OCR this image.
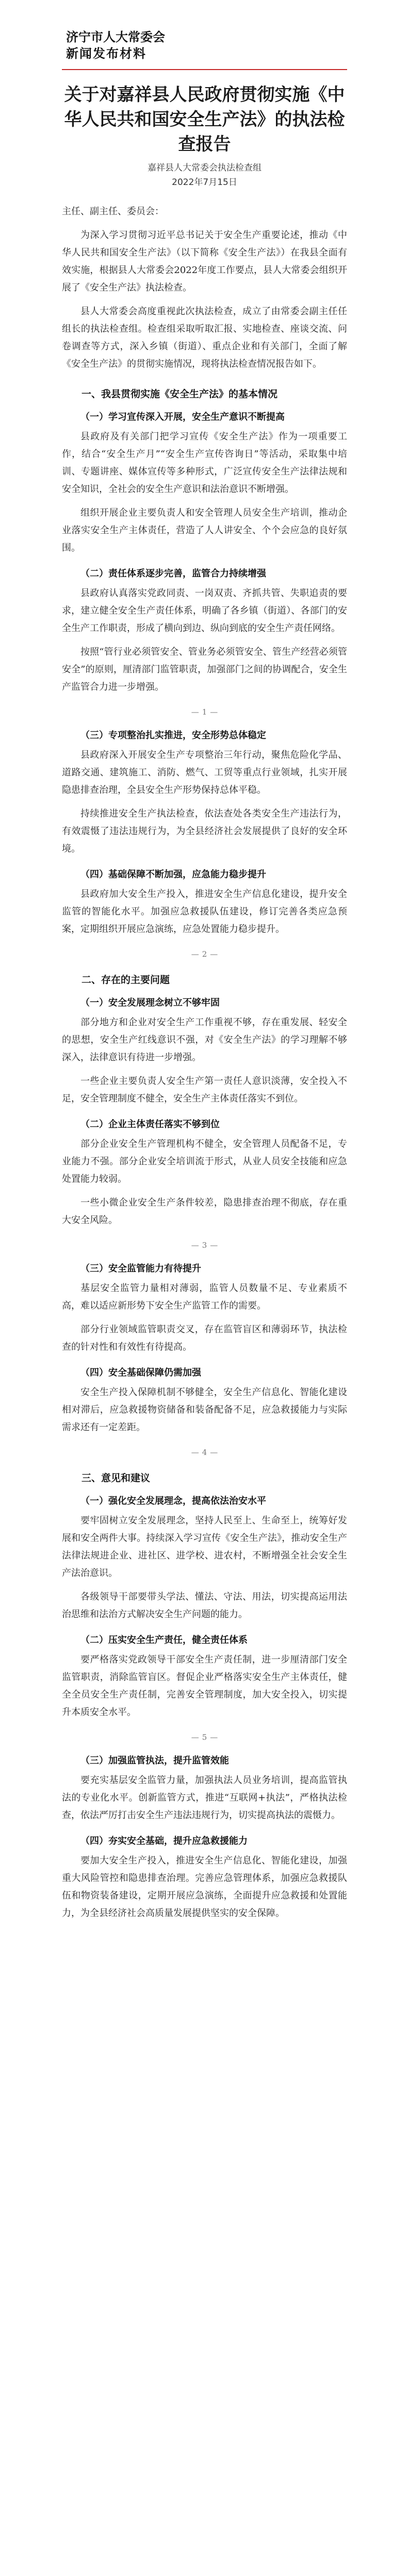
济宁市人大常委会
新闻发布材料
关于对嘉祥县人民政府贯彻实施《中华人民共和国安全生产法》的执法检查报告
嘉祥县人大常委会执法检查组
2022年7月15日

主任、副主任、委员会：

为深入学习贯彻习近平总书记关于安全生产重要论述，推动《中华人民共和国安全生产法》（以下简称《安全生产法》）在我县全面有效实施，根据县人大常委会2022年度工作要点，县人大常委会组织开展了《安全生产法》执法检查。

县人大常委会高度重视此次执法检查，成立了由常委会副主任任组长的执法检查组。检查组采取听取汇报、实地检查、座谈交流、问卷调查等方式，深入乡镇（街道）、重点企业和有关部门，全面了解《安全生产法》的贯彻实施情况，现将执法检查情况报告如下。

一、我县贯彻实施《安全生产法》的基本情况
（一）学习宣传深入开展，安全生产意识不断提高

县政府及有关部门把学习宣传《安全生产法》作为一项重要工作，结合“安全生产月”“安全生产宣传咨询日”等活动，采取集中培训、专题讲座、媒体宣传等多种形式，广泛宣传安全生产法律法规和安全知识，全社会的安全生产意识和法治意识不断增强。

组织开展企业主要负责人和安全管理人员安全生产培训，推动企业落实安全生产主体责任，营造了人人讲安全、个个会应急的良好氛围。

（二）责任体系逐步完善，监管合力持续增强

县政府认真落实党政同责、一岗双责、齐抓共管、失职追责的要求，建立健全安全生产责任体系，明确了各乡镇（街道）、各部门的安全生产工作职责，形成了横向到边、纵向到底的安全生产责任网络。

按照“管行业必须管安全、管业务必须管安全、管生产经营必须管安全”的原则，厘清部门监管职责，加强部门之间的协调配合，安全生产监管合力进一步增强。

— 1 —
（三）专项整治扎实推进，安全形势总体稳定

县政府深入开展安全生产专项整治三年行动，聚焦危险化学品、道路交通、建筑施工、消防、燃气、工贸等重点行业领域，扎实开展隐患排查治理，全县安全生产形势保持总体平稳。

持续推进安全生产执法检查，依法查处各类安全生产违法行为，有效震慑了违法违规行为，为全县经济社会发展提供了良好的安全环境。

（四）基础保障不断加强，应急能力稳步提升

县政府加大安全生产投入，推进安全生产信息化建设，提升安全监管的智能化水平。加强应急救援队伍建设，修订完善各类应急预案，定期组织开展应急演练，应急处置能力稳步提升。

— 2 —
二、存在的主要问题
（一）安全发展理念树立不够牢固

部分地方和企业对安全生产工作重视不够，存在重发展、轻安全的思想，安全生产红线意识不强，对《安全生产法》的学习理解不够深入，法律意识有待进一步增强。

一些企业主要负责人安全生产第一责任人意识淡薄，安全投入不足，安全管理制度不健全，安全生产主体责任落实不到位。

（二）企业主体责任落实不够到位

部分企业安全生产管理机构不健全，安全管理人员配备不足，专业能力不强。部分企业安全培训流于形式，从业人员安全技能和应急处置能力较弱。

一些小微企业安全生产条件较差，隐患排查治理不彻底，存在重大安全风险。

— 3 —
（三）安全监管能力有待提升

基层安全监管力量相对薄弱，监管人员数量不足、专业素质不高，难以适应新形势下安全生产监管工作的需要。

部分行业领域监管职责交叉，存在监管盲区和薄弱环节，执法检查的针对性和有效性有待提高。

（四）安全基础保障仍需加强

安全生产投入保障机制不够健全，安全生产信息化、智能化建设相对滞后，应急救援物资储备和装备配备不足，应急救援能力与实际需求还有一定差距。

— 4 —
三、意见和建议
（一）强化安全发展理念，提高依法治安水平

要牢固树立安全发展理念，坚持人民至上、生命至上，统筹好发展和安全两件大事。持续深入学习宣传《安全生产法》，推动安全生产法律法规进企业、进社区、进学校、进农村，不断增强全社会安全生产法治意识。

各级领导干部要带头学法、懂法、守法、用法，切实提高运用法治思维和法治方式解决安全生产问题的能力。

（二）压实安全生产责任，健全责任体系

要严格落实党政领导干部安全生产责任制，进一步厘清部门安全监管职责，消除监管盲区。督促企业严格落实安全生产主体责任，健全全员安全生产责任制，完善安全管理制度，加大安全投入，切实提升本质安全水平。

— 5 —
（三）加强监管执法，提升监管效能

要充实基层安全监管力量，加强执法人员业务培训，提高监管执法的专业化水平。创新监管方式，推进“互联网+执法”，严格执法检查，依法严厉打击安全生产违法违规行为，切实提高执法的震慑力。

（四）夯实安全基础，提升应急救援能力

要加大安全生产投入，推进安全生产信息化、智能化建设，加强重大风险管控和隐患排查治理。完善应急管理体系，加强应急救援队伍和物资装备建设，定期开展应急演练，全面提升应急救援和处置能力，为全县经济社会高质量发展提供坚实的安全保障。
